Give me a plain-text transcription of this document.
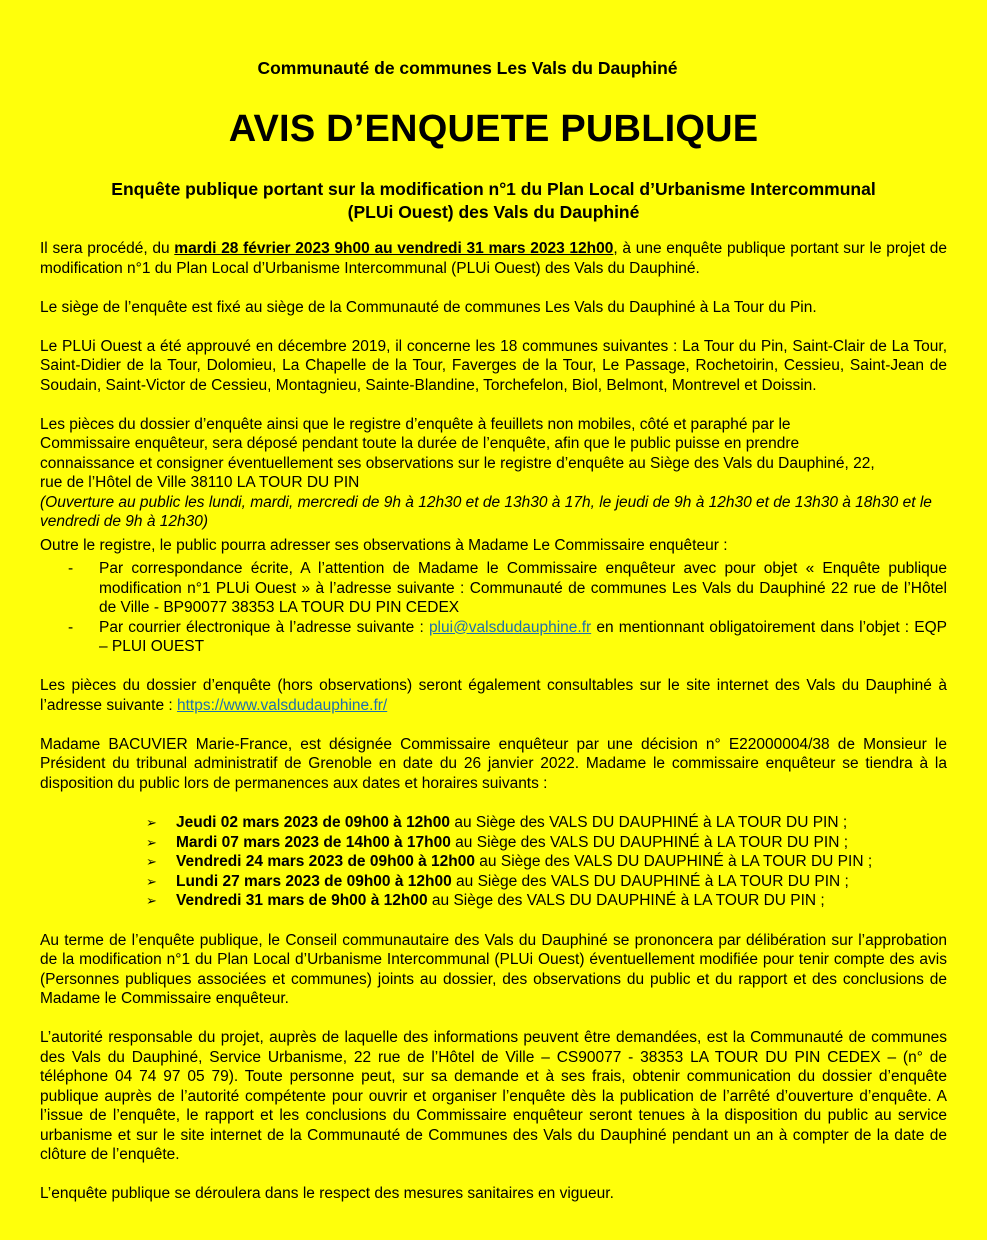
Communauté de communes Les Vals du Dauphiné
AVIS D’ENQUETE PUBLIQUE
Enquête publique portant sur la modification n°1 du Plan Local d’Urbanisme Intercommunal
(PLUi Ouest) des Vals du Dauphiné

Il sera procédé, du mardi 28 février 2023 9h00 au vendredi 31 mars 2023 12h00, à une enquête publique portant sur le projet de modification n°1 du Plan Local d’Urbanisme Intercommunal (PLUi Ouest) des Vals du Dauphiné.

Le siège de l’enquête est fixé au siège de la Communauté de communes Les Vals du Dauphiné à La Tour du Pin.

Le PLUi Ouest a été approuvé en décembre 2019, il concerne les 18 communes suivantes : La Tour du Pin, Saint-Clair de La Tour, Saint-Didier de la Tour, Dolomieu, La Chapelle de la Tour, Faverges de la Tour, Le Passage, Rochetoirin, Cessieu, Saint-Jean de Soudain, Saint-Victor de Cessieu, Montagnieu, Sainte-Blandine, Torchefelon, Biol, Belmont, Montrevel et Doissin.

Les pièces du dossier d’enquête ainsi que le registre d’enquête à feuillets non mobiles, côté et paraphé par le
Commissaire enquêteur, sera déposé pendant toute la durée de l’enquête, afin que le public puisse en prendre
connaissance et consigner éventuellement ses observations sur le registre d’enquête au Siège des Vals du Dauphiné, 22,
rue de l’Hôtel de Ville 38110 LA TOUR DU PIN
(Ouverture au public les lundi, mardi, mercredi de 9h à 12h30 et de 13h30 à 17h, le jeudi de 9h à 12h30 et de 13h30 à 18h30 et le vendredi de 9h à 12h30)

Outre le registre, le public pourra adresser ses observations à Madame Le Commissaire enquêteur :

- Par correspondance écrite, A l’attention de Madame le Commissaire enquêteur avec pour objet « Enquête publique modification n°1 PLUi Ouest » à l’adresse suivante : Communauté de communes Les Vals du Dauphiné 22 rue de l’Hôtel de Ville - BP90077 38353 LA TOUR DU PIN CEDEX
- Par courrier électronique à l’adresse suivante : plui@valsdudauphine.fr en mentionnant obligatoirement dans l’objet : EQP – PLUI OUEST

Les pièces du dossier d’enquête (hors observations) seront également consultables sur le site internet des Vals du Dauphiné à l’adresse suivante : https://www.valsdudauphine.fr/

Madame BACUVIER Marie-France, est désignée Commissaire enquêteur par une décision n° E22000004/38 de Monsieur le Président du tribunal administratif de Grenoble en date du 26 janvier 2022. Madame le commissaire enquêteur se tiendra à la disposition du public lors de permanences aux dates et horaires suivants :

➢ Jeudi 02 mars 2023 de 09h00 à 12h00 au Siège des VALS DU DAUPHINÉ à LA TOUR DU PIN ;
➢ Mardi 07 mars 2023 de 14h00 à 17h00 au Siège des VALS DU DAUPHINÉ à LA TOUR DU PIN ;
➢ Vendredi 24 mars 2023 de 09h00 à 12h00 au Siège des VALS DU DAUPHINÉ à LA TOUR DU PIN ;
➢ Lundi 27 mars 2023 de 09h00 à 12h00 au Siège des VALS DU DAUPHINÉ à LA TOUR DU PIN ;
➢ Vendredi 31 mars de 9h00 à 12h00 au Siège des VALS DU DAUPHINÉ à LA TOUR DU PIN ;

Au terme de l’enquête publique, le Conseil communautaire des Vals du Dauphiné se prononcera par délibération sur l’approbation de la modification n°1 du Plan Local d’Urbanisme Intercommunal (PLUi Ouest) éventuellement modifiée pour tenir compte des avis (Personnes publiques associées et communes) joints au dossier, des observations du public et du rapport et des conclusions de Madame le Commissaire enquêteur.

L’autorité responsable du projet, auprès de laquelle des informations peuvent être demandées, est la Communauté de communes des Vals du Dauphiné, Service Urbanisme, 22 rue de l’Hôtel de Ville – CS90077 - 38353 LA TOUR DU PIN CEDEX – (n° de téléphone 04 74 97 05 79). Toute personne peut, sur sa demande et à ses frais, obtenir communication du dossier d’enquête publique auprès de l’autorité compétente pour ouvrir et organiser l’enquête dès la publication de l’arrêté d’ouverture d’enquête. A l’issue de l’enquête, le rapport et les conclusions du Commissaire enquêteur seront tenues à la disposition du public au service urbanisme et sur le site internet de la Communauté de Communes des Vals du Dauphiné pendant un an à compter de la date de clôture de l’enquête.

L’enquête publique se déroulera dans le respect des mesures sanitaires en vigueur.
